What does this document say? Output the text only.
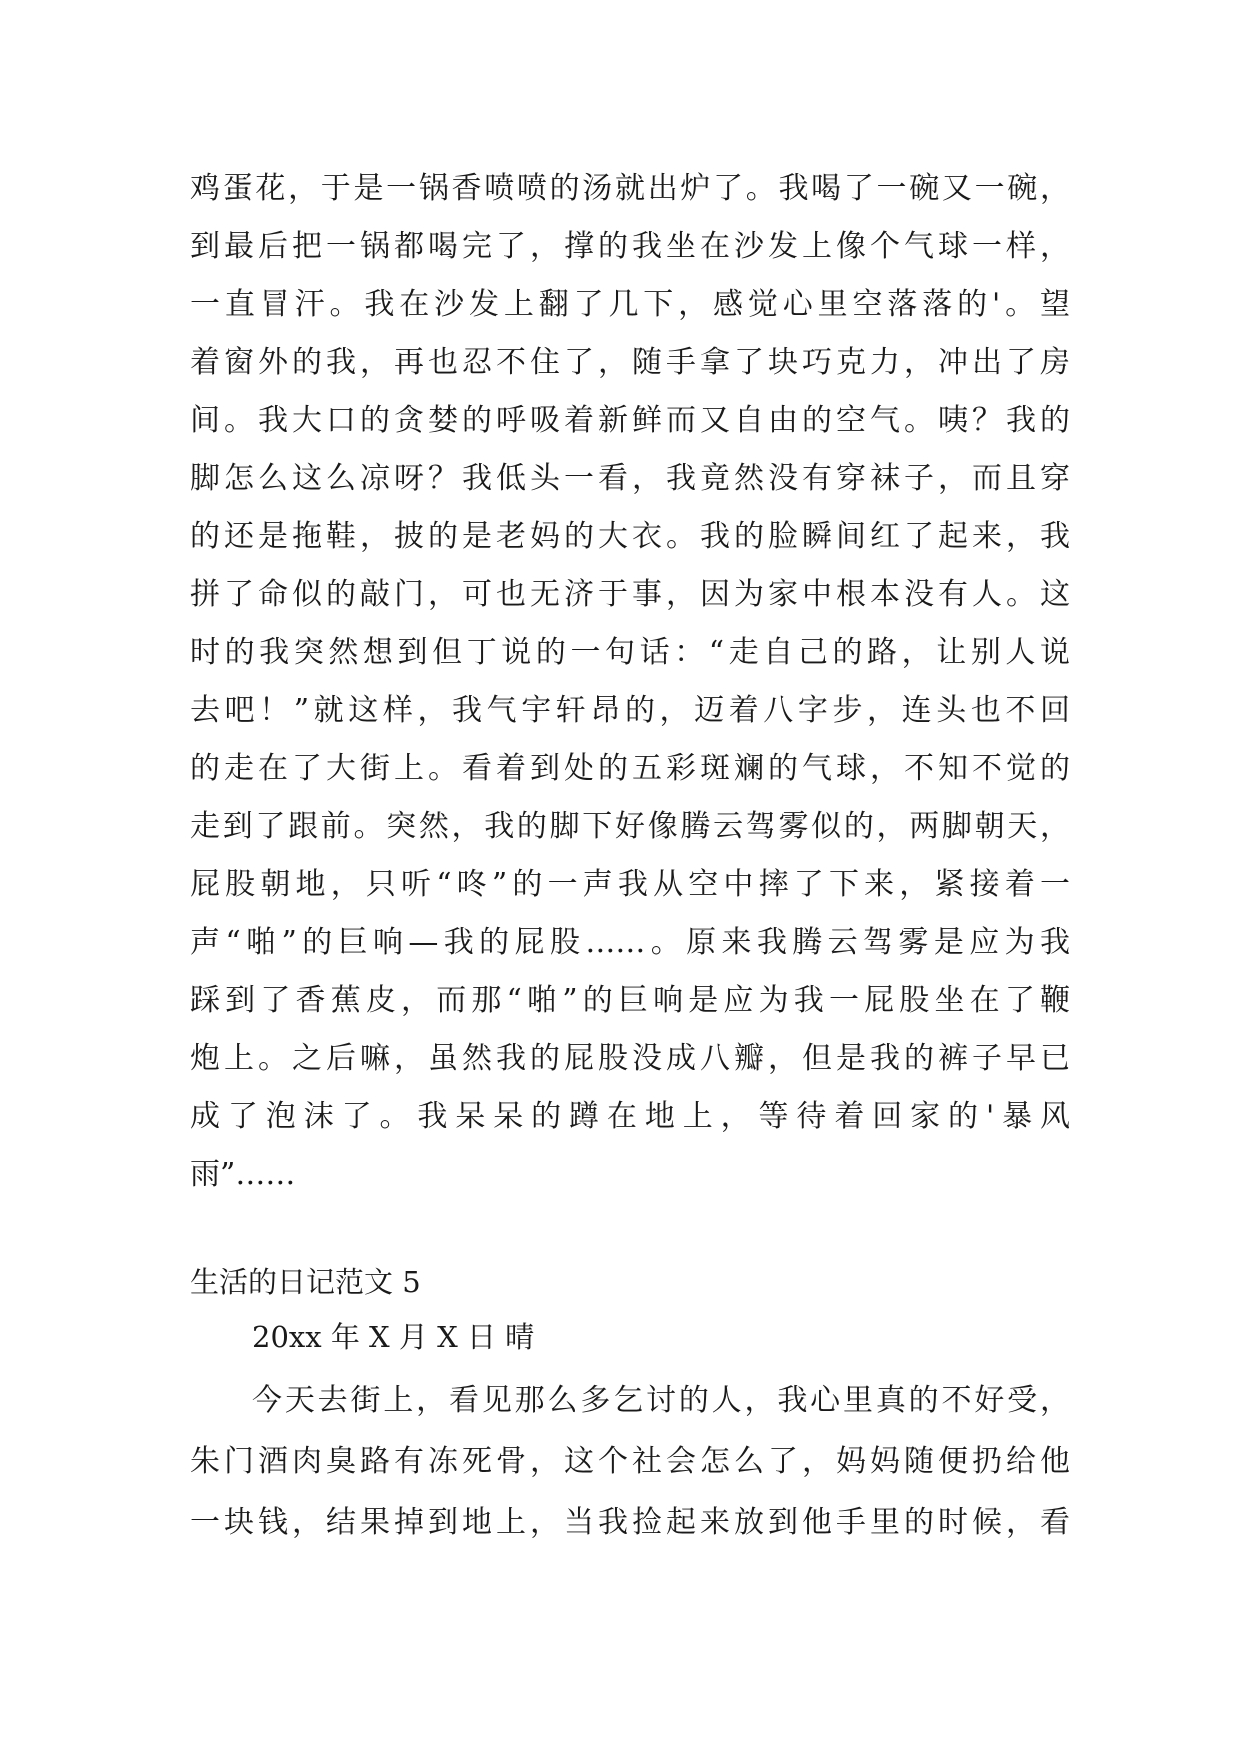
鸡蛋花，于是一锅香喷喷的汤就出炉了。我喝了一碗又一碗，
到最后把一锅都喝完了，撑的我坐在沙发上像个气球一样，
一直冒汗。我在沙发上翻了几下，感觉心里空落落的'。望
着窗外的我，再也忍不住了，随手拿了块巧克力，冲出了房
间。我大口的贪婪的呼吸着新鲜而又自由的空气。咦？我的
脚怎么这么凉呀？我低头一看，我竟然没有穿袜子，而且穿
的还是拖鞋，披的是老妈的大衣。我的脸瞬间红了起来，我
拼了命似的敲门，可也无济于事，因为家中根本没有人。这
时的我突然想到但丁说的一句话：“走自己的路，让别人说
去吧！”就这样，我气宇轩昂的，迈着八字步，连头也不回
的走在了大街上。看着到处的五彩斑斓的气球，不知不觉的
走到了跟前。突然，我的脚下好像腾云驾雾似的，两脚朝天，
屁股朝地，只听“咚”的一声我从空中摔了下来，紧接着一
声“啪”的巨响—我的屁股……。原来我腾云驾雾是应为我
踩到了香蕉皮，而那“啪”的巨响是应为我一屁股坐在了鞭
炮上。之后嘛，虽然我的屁股没成八瓣，但是我的裤子早已
成了泡沫了。我呆呆的蹲在地上，等待着回家的'暴风
雨”……
生活的日记范文 5
20xx 年 X 月 X 日 晴
今天去街上，看见那么多乞讨的人，我心里真的不好受，
朱门酒肉臭路有冻死骨，这个社会怎么了，妈妈随便扔给他
一块钱，结果掉到地上，当我捡起来放到他手里的时候，看
